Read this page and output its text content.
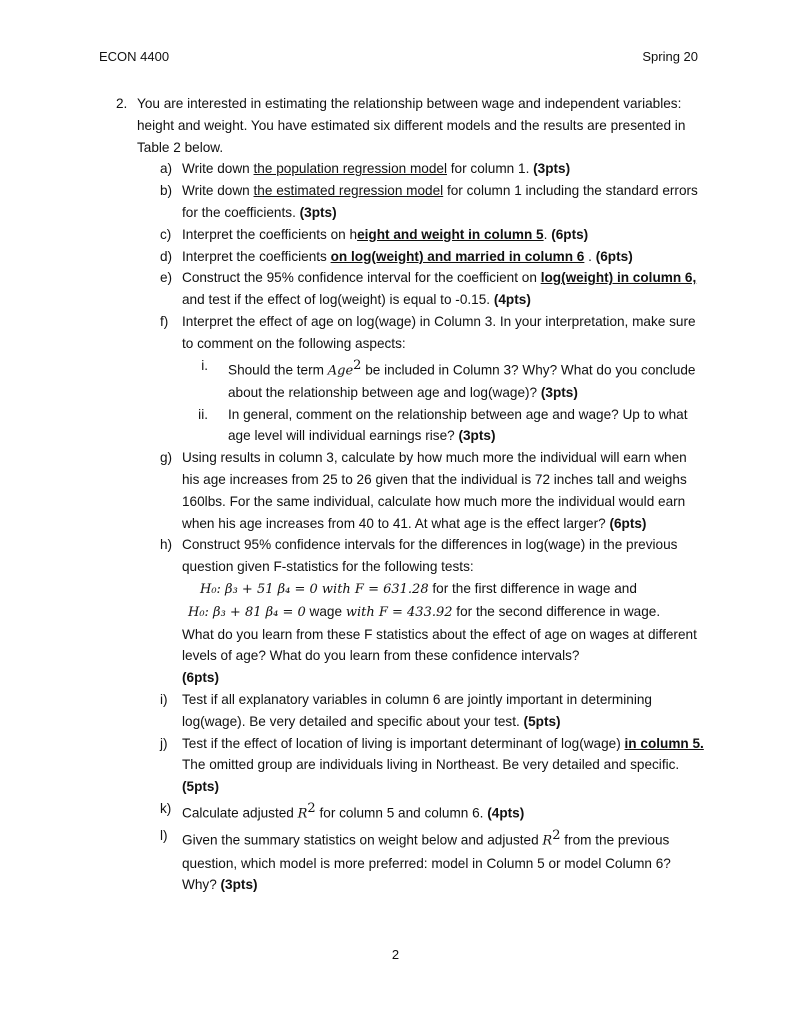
ECON 4400	Spring 20
2. You are interested in estimating the relationship between wage and independent variables: height and weight. You have estimated six different models and the results are presented in Table 2 below.
a) Write down the population regression model for column 1. (3pts)
b) Write down the estimated regression model for column 1 including the standard errors for the coefficients. (3pts)
c) Interpret the coefficients on height and weight in column 5. (6pts)
d) Interpret the coefficients on log(weight) and married in column 6 . (6pts)
e) Construct the 95% confidence interval for the coefficient on log(weight) in column 6, and test if the effect of log(weight) is equal to -0.15. (4pts)
f) Interpret the effect of age on log(wage) in Column 3. In your interpretation, make sure to comment on the following aspects:
i. Should the term Age$^2$ be included in Column 3? Why? What do you conclude about the relationship between age and log(wage)? (3pts)
ii. In general, comment on the relationship between age and wage? Up to what age level will individual earnings rise? (3pts)
g) Using results in column 3, calculate by how much more the individual will earn when his age increases from 25 to 26 given that the individual is 72 inches tall and weighs 160lbs. For the same individual, calculate how much more the individual would earn when his age increases from 40 to 41. At what age is the effect larger? (6pts)
h) Construct 95% confidence intervals for the differences in log(wage) in the previous question given F-statistics for the following tests:
H₀: β₃ + 51 β₄ = 0 with F = 631.28 for the first difference in wage and
H₀: β₃ + 81 β₄ = 0 wage with F = 433.92 for the second difference in wage.
What do you learn from these F statistics about the effect of age on wages at different levels of age? What do you learn from these confidence intervals?
(6pts)
i) Test if all explanatory variables in column 6 are jointly important in determining log(wage). Be very detailed and specific about your test. (5pts)
j) Test if the effect of location of living is important determinant of log(wage) in column 5. The omitted group are individuals living in Northeast. Be very detailed and specific. (5pts)
k) Calculate adjusted $R^2$ for column 5 and column 6. (4pts)
l) Given the summary statistics on weight below and adjusted $R^2$ from the previous question, which model is more preferred: model in Column 5 or model Column 6? Why? (3pts)
2
